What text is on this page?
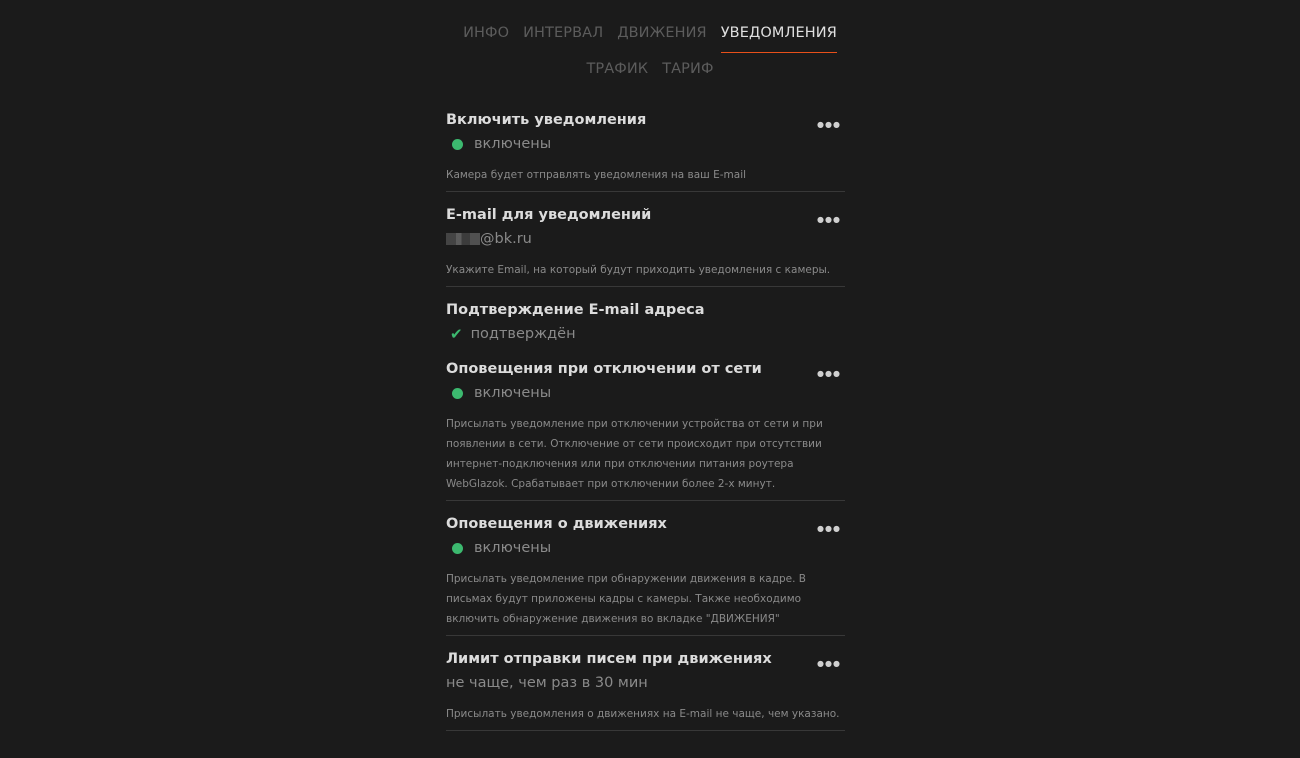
ИНФО ИНТЕРВАЛ ДВИЖЕНИЯ УВЕДОМЛЕНИЯ
ТРАФИК ТАРИФ
Включить уведомления
включены
Камера будет отправлять уведомления на ваш E-mail
●●●
E-mail для уведомлений
@bk.ru
Укажите Email, на который будут приходить уведомления с камеры.
●●●
Подтверждение E-mail адреса
✔ подтверждён
Оповещения при отключении от сети
включены
Присылать уведомление при отключении устройства от сети и при появлении в сети. Отключение от сети происходит при отсутствии интернет-подключения или при отключении питания роутера WebGlazok. Срабатывает при отключении более 2-х минут.
●●●
Оповещения о движениях
включены
Присылать уведомление при обнаружении движения в кадре. В письмах будут приложены кадры с камеры. Также необходимо включить обнаружение движения во вкладке "ДВИЖЕНИЯ"
●●●
Лимит отправки писем при движениях
не чаще, чем раз в 30 мин
Присылать уведомления о движениях на E-mail не чаще, чем указано.
●●●
